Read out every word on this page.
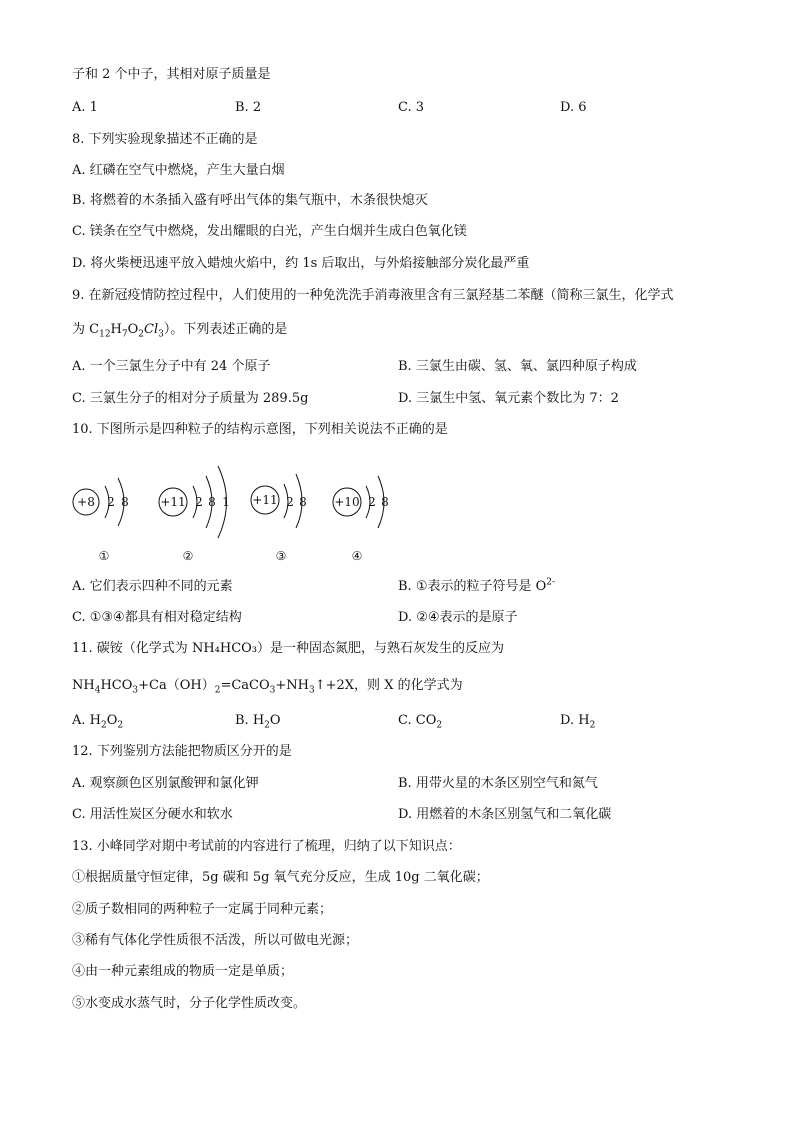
子和 2 个中子，其相对原子质量是
A. 1	B. 2	C. 3	D. 6
8. 下列实验现象描述不正确的是
A. 红磷在空气中燃烧，产生大量白烟
B. 将燃着的木条插入盛有呼出气体的集气瓶中，木条很快熄灭
C. 镁条在空气中燃烧，发出耀眼的白光，产生白烟并生成白色氧化镁
D. 将火柴梗迅速平放入蜡烛火焰中，约 1s 后取出，与外焰接触部分炭化最严重
9. 在新冠疫情防控过程中，人们使用的一种免洗洗手消毒液里含有三氯羟基二苯醚（简称三氯生，化学式
为 $C_{12}H_7O_2Cl_3$）。下列表述正确的是
A. 一个三氯生分子中有 24 个原子	B. 三氯生由碳、氢、氧、氯四种原子构成
C. 三氯生分子的相对分子质量为 289.5g	D. 三氯生中氢、氧元素个数比为 7：2
10. 下图所示是四种粒子的结构示意图，下列相关说法不正确的是
+8 2 8
①
+11 2 8 1
②
+11 2 8
③
+10 2 8
④
A. 它们表示四种不同的元素	B. ①表示的粒子符号是 $O^{2-}$
C. ①③④都具有相对稳定结构	D. ②④表示的是原子
11. 碳铵（化学式为 NH₄HCO₃）是一种固态氮肥，与熟石灰发生的反应为
$NH_4HCO_3+Ca(OH)_2=CaCO_3+NH_3↑+2X$，则 X 的化学式为
A. $H_2O_2$	B. $H_2O$	C. $CO_2$	D. $H_2$
12. 下列鉴别方法能把物质区分开的是
A. 观察颜色区别氯酸钾和氯化钾	B. 用带火星的木条区别空气和氮气
C. 用活性炭区分硬水和软水	D. 用燃着的木条区别氢气和二氧化碳
13. 小峰同学对期中考试前的内容进行了梳理，归纳了以下知识点：
①根据质量守恒定律，5g 碳和 5g 氧气充分反应，生成 10g 二氧化碳；
②质子数相同的两种粒子一定属于同种元素；
③稀有气体化学性质很不活泼，所以可做电光源；
④由一种元素组成的物质一定是单质；
⑤水变成水蒸气时，分子化学性质改变。
